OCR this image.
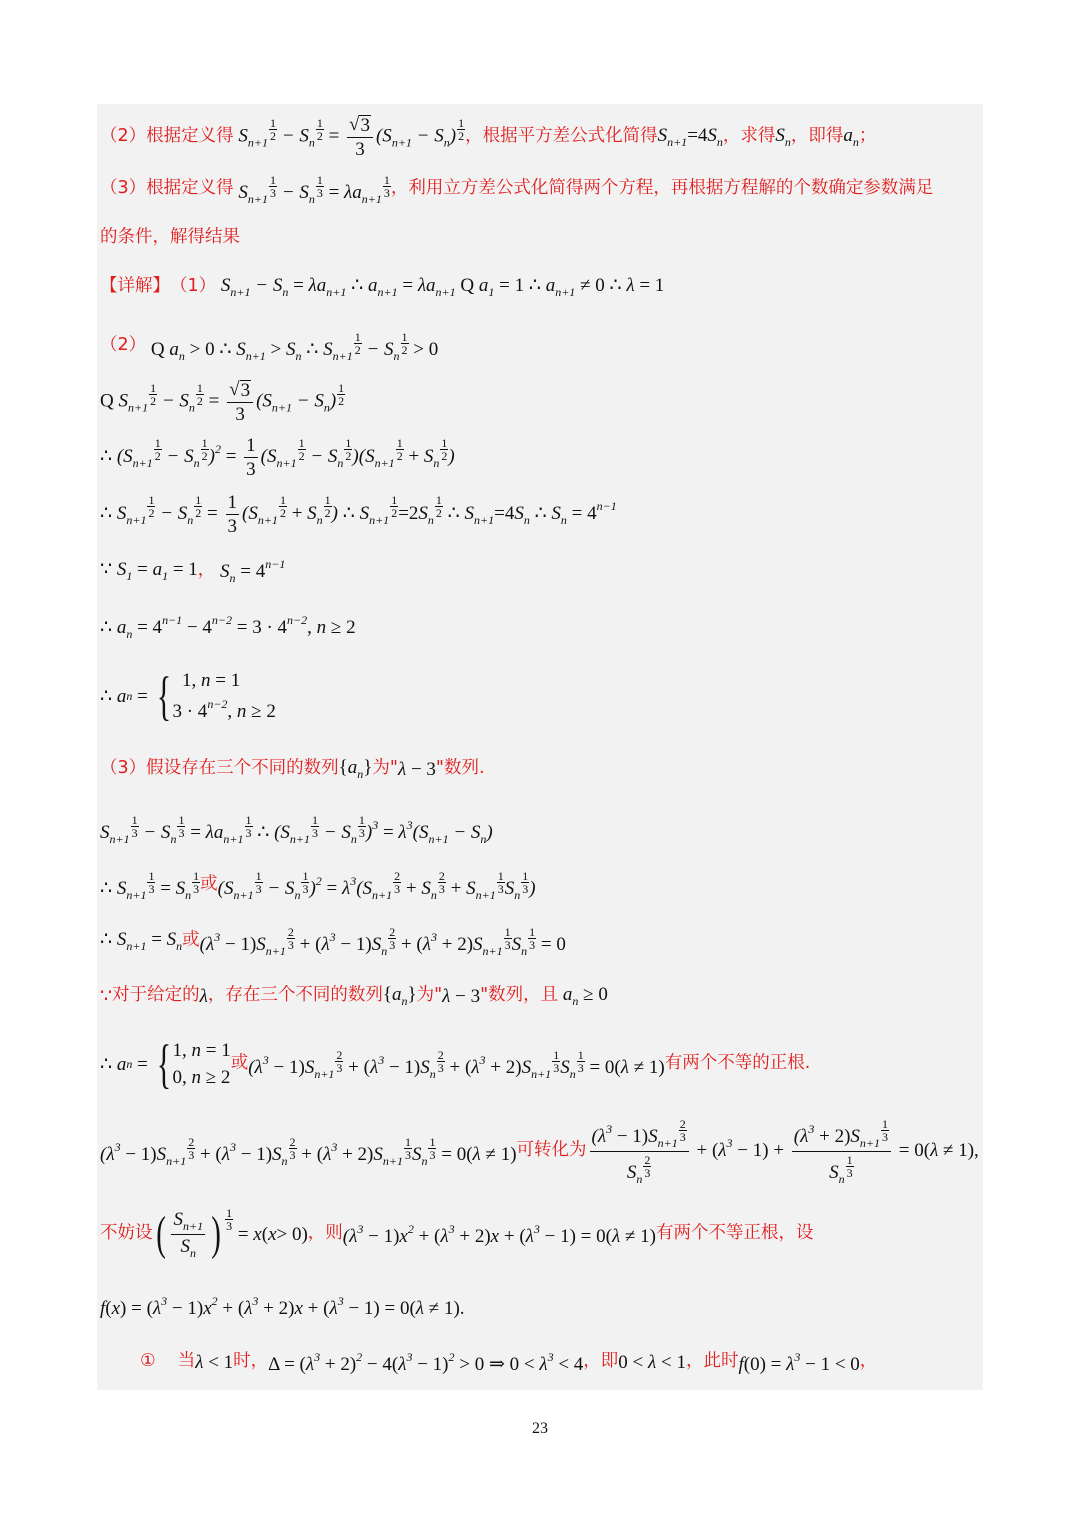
（2）根据定义得 $S_{n+1} \frac{1}{2} - S_n \frac{1}{2} = \frac{√ 3}{3} (S_{n+1} - S_n) \frac{1}{2}$ ，根据平方差公式化简得 $S_{n+1}=4S_n$ ，求得 $S_n$ ，即得 $a_n$ ；
（3）根据定义得 $S_{n+1} \frac{1}{3} - S_n \frac{1}{3} = \lambda a_{n+1} \frac{1}{3}$ ，利用立方差公式化简得两个方程，再根据方程解的个数确定参数满足
的条件，解得结果
【详解】 （1） $S_{n+1} - S_n = \lambda a_{n+1}$ ∴ $a_{n+1} = \lambda a_{n+1}$ Q $a_1 = 1$ ∴ $a_{n+1} \ne 0$ ∴ λ = 1
（2） Q $a_n > 0$ ∴ $S_{n+1} > S_n$ ∴ $S_{n+1} \frac{1}{2} - S_n \frac{1}{2} > 0$
Q $S_{n+1} \frac{1}{2} - S_n \frac{1}{2} = \frac{√ 3}{3} (S_{n+1} - S_n) \frac{1}{2}$
∴ $(S_{n+1} \frac{1}{2} - S_n \frac{1}{2} )^2 = \frac{1}{3} (S_{n+1} \frac{1}{2} - S_n \frac{1}{2} )(S_{n+1} \frac{1}{2} + S_n \frac{1}{2}$ )
∴ $S_{n+1} \frac{1}{2} - S_n \frac{1}{2} = \frac{1}{3} (S_{n+1} \frac{1}{2} + S_n \frac{1}{2}$ ) ∴ $S_{n+1} \frac{1}{2} =2S_n \frac{1}{2}$ ∴ $S_{n+1}=4S_n$ ∴ $S_n = 4^{n-1}$
∵ $S_1 = a_1 = 1$ ， $S_n = 4^{n-1}$
∴ $a_n = 4^{n-1} - 4^{n-2} = 3 \cdot 4^{n-2}$, n ≥ 2
∴ a n
=
{ 1, n = 1
$3 \cdot 4^{n-2}$, n ≥ 2
（3）假设存在三个不同的数列 $\{a_n\}$ 为" λ − 3 "数列.
$S_{n+1} \frac{1}{3} - S_n \frac{1}{3} = \lambda a_{n+1} \frac{1}{3}$ ∴ $(S_{n+1} \frac{1}{3} - S_n \frac{1}{3} )^3 = \lambda^3(S_{n+1} - S_n)$
∴ $S_{n+1} \frac{1}{3} = S_n \frac{1}{3}$ 或 $(S_{n+1} \frac{1}{3} - S_n \frac{1}{3} )^2 = \lambda^3(S_{n+1} \frac{2}{3} + S_n \frac{2}{3} + S_{n+1} \frac{1}{3} S_n \frac{1}{3}$ )
∴ $S_{n+1} = S_n$ 或 $(\lambda^3 - 1)S_{n+1} \frac{2}{3} + (\lambda^3 - 1)S_n \frac{2}{3} + (\lambda^3 + 2)S_{n+1} \frac{1}{3} S_n \frac{1}{3} = 0$
∵ 对于给定的 λ ，存在三个不同的数列 $\{a_n\}$ 为" λ − 3 "数列，且 $a_n \ge 0$
∴ a n
=
{ 1, n = 1
0, n ≥ 2
或 $(\lambda^3 - 1)S_{n+1} \frac{2}{3} + (\lambda^3 - 1)S_n \frac{2}{3} + (\lambda^3 + 2)S_{n+1} \frac{1}{3} S_n \frac{1}{3} = 0(\lambda \ne 1)$ 有两个不等的正根.
$(\lambda^3 - 1)S_{n+1} \frac{2}{3} + (\lambda^3 - 1)S_n \frac{2}{3} + (\lambda^3 + 2)S_{n+1} \frac{1}{3} S_n \frac{1}{3} = 0(\lambda \ne 1)$ 可转化为 $\frac{(\lambda^3 - 1)S_{n+1} \frac{2}{3}}{S_n \frac{2}{3}} + (\lambda^3 - 1) + \frac{(\lambda^3 + 2)S_{n+1} \frac{1}{3}}{S_n \frac{1}{3}} = 0(\lambda \ne 1)$,
不妨设 ( $\frac{S_{n+1}}{S_n}$ ) 1
3
= x ( x > 0) ，则 $(\lambda^3 - 1)x^2 + (\lambda^3 + 2)x + (\lambda^3 - 1) = 0(\lambda \ne 1)$ 有两个不等正根，设
$f(x) = (\lambda^3 - 1)x^2 + (\lambda^3 + 2)x + (\lambda^3 - 1) = 0(\lambda \ne 1)$.
① 当 λ < 1 时， $\Delta = (\lambda^3 + 2)^2 - 4(\lambda^3 - 1)^2 > 0$ ⇒ $0 < \lambda^3 < 4$ ，即 0 < λ < 1 ，此时 $f(0) = \lambda^3 - 1 < 0$ ，
23
